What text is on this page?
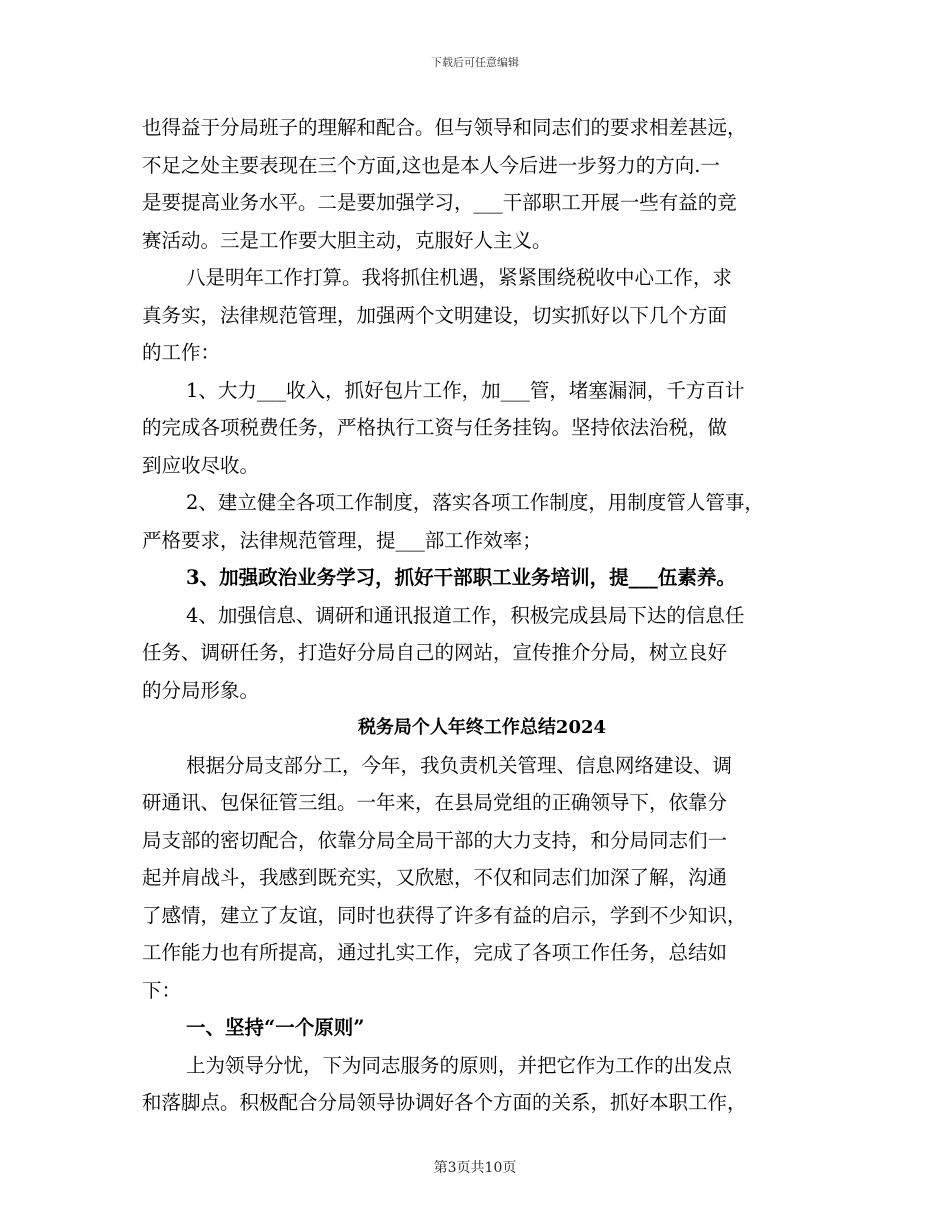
下载后可任意编辑
也得益于分局班子的理解和配合。但与领导和同志们的要求相差甚远，
不足之处主要表现在三个方面,这也是本人今后进一步努力的方向.一
是要提高业务水平。二是要加强学习，___干部职工开展一些有益的竞
赛活动。三是工作要大胆主动，克服好人主义。
八是明年工作打算。我将抓住机遇，紧紧围绕税收中心工作，求
真务实，法律规范管理，加强两个文明建设，切实抓好以下几个方面
的工作：
1、大力___收入，抓好包片工作，加___管，堵塞漏洞，千方百计
的完成各项税费任务，严格执行工资与任务挂钩。坚持依法治税，做
到应收尽收。
2、建立健全各项工作制度，落实各项工作制度，用制度管人管事，
严格要求，法律规范管理，提___部工作效率；
3、加强政治业务学习，抓好干部职工业务培训，提___伍素养。
4、加强信息、调研和通讯报道工作，积极完成县局下达的信息任
任务、调研任务，打造好分局自己的网站，宣传推介分局，树立良好
的分局形象。
税务局个人年终工作总结2024
根据分局支部分工，今年，我负责机关管理、信息网络建设、调
研通讯、包保征管三组。一年来，在县局党组的正确领导下，依靠分
局支部的密切配合，依靠分局全局干部的大力支持，和分局同志们一
起并肩战斗，我感到既充实，又欣慰，不仅和同志们加深了解，沟通
了感情，建立了友谊，同时也获得了许多有益的启示，学到不少知识，
工作能力也有所提高，通过扎实工作，完成了各项工作任务，总结如
下：
一、坚持“一个原则”
上为领导分忧，下为同志服务的原则，并把它作为工作的出发点
和落脚点。积极配合分局领导协调好各个方面的关系，抓好本职工作，
第3页共10页
